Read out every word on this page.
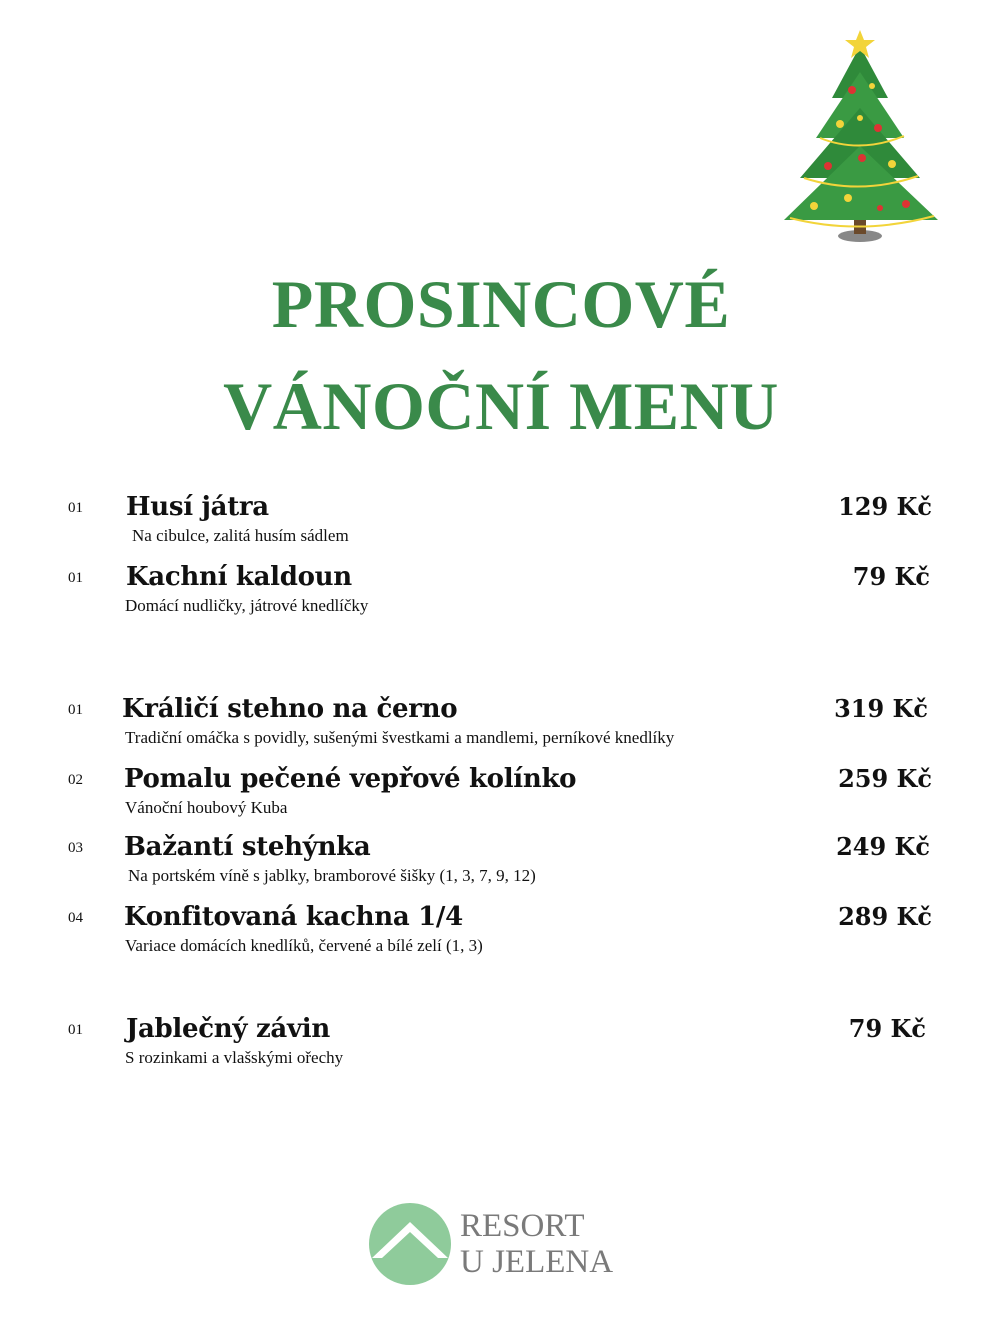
PROSINCOVÉ
VÁNOČNÍ MENU
01 Husí játra
Na cibulce, zalitá husím sádlem
129 Kč
01 Kachní kaldoun
Domácí nudličky, játrové knedlíčky
79 Kč
01 Králičí stehno na černo
Tradiční omáčka s povidly, sušenými švestkami a mandlemi, perníkové knedlíky
319 Kč
02 Pomalu pečené vepřové kolínko
Vánoční houbový Kuba
259 Kč
03 Bažantí stehýnka
Na portském víně s jablky, bramborové šišky (1, 3, 7, 9, 12)
249 Kč
04 Konfitovaná kachna 1/4
Variace domácích knedlíků, červené a bílé zelí (1, 3)
289 Kč
01 Jablečný závin
S rozinkami a vlašskými ořechy
79 Kč
RESORT
U JELENA
